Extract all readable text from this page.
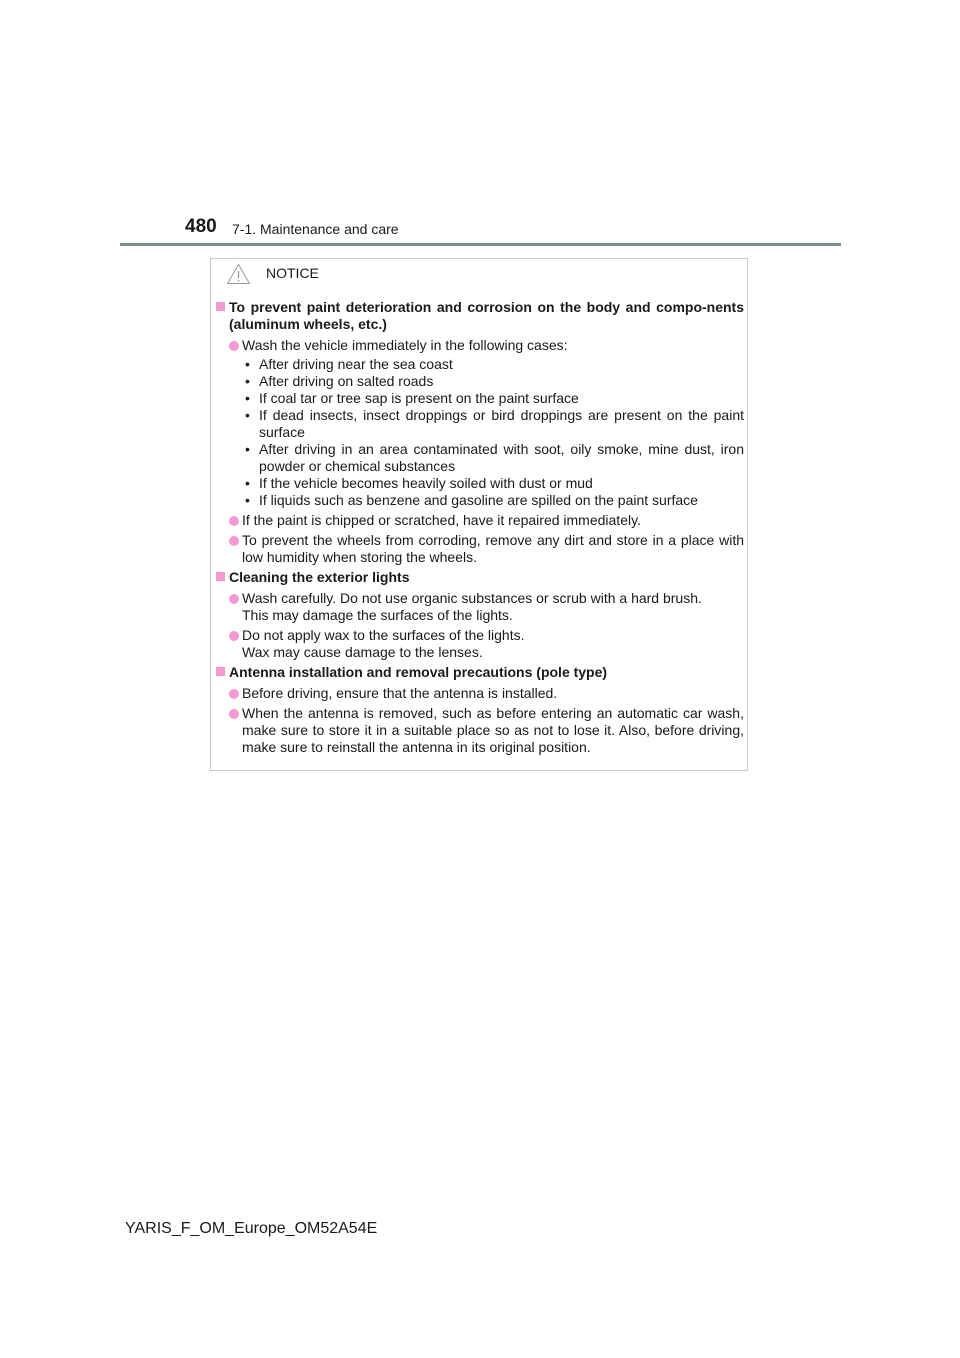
480 7-1. Maintenance and care
NOTICE
To prevent paint deterioration and corrosion on the body and compo-nents (aluminum wheels, etc.)
Wash the vehicle immediately in the following cases:
• After driving near the sea coast
• After driving on salted roads
• If coal tar or tree sap is present on the paint surface
• If dead insects, insect droppings or bird droppings are present on the paint surface
• After driving in an area contaminated with soot, oily smoke, mine dust, iron powder or chemical substances
• If the vehicle becomes heavily soiled with dust or mud
• If liquids such as benzene and gasoline are spilled on the paint surface
If the paint is chipped or scratched, have it repaired immediately.
To prevent the wheels from corroding, remove any dirt and store in a place with low humidity when storing the wheels.
Cleaning the exterior lights
Wash carefully. Do not use organic substances or scrub with a hard brush.
This may damage the surfaces of the lights.
Do not apply wax to the surfaces of the lights.
Wax may cause damage to the lenses.
Antenna installation and removal precautions (pole type)
Before driving, ensure that the antenna is installed.
When the antenna is removed, such as before entering an automatic car wash, make sure to store it in a suitable place so as not to lose it. Also, before driving, make sure to reinstall the antenna in its original position.
YARIS_F_OM_Europe_OM52A54E
